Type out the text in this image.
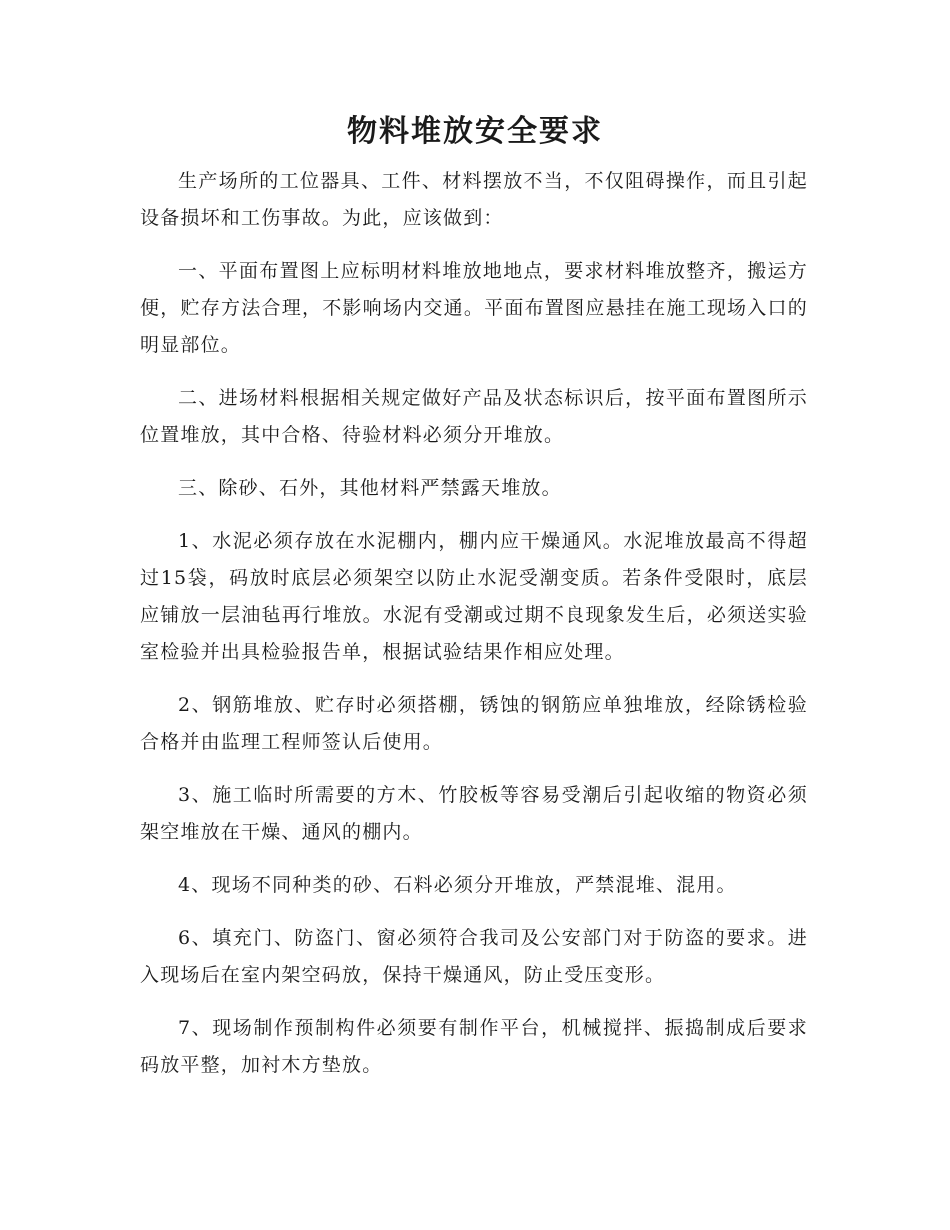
物料堆放安全要求

生产场所的工位器具、工件、材料摆放不当，不仅阻碍操作，而且引起设备损坏和工伤事故。为此，应该做到：

一、平面布置图上应标明材料堆放地地点，要求材料堆放整齐，搬运方便，贮存方法合理，不影响场内交通。平面布置图应悬挂在施工现场入口的明显部位。

二、进场材料根据相关规定做好产品及状态标识后，按平面布置图所示位置堆放，其中合格、待验材料必须分开堆放。

三、除砂、石外，其他材料严禁露天堆放。

1、水泥必须存放在水泥棚内，棚内应干燥通风。水泥堆放最高不得超过15袋，码放时底层必须架空以防止水泥受潮变质。若条件受限时，底层应铺放一层油毡再行堆放。水泥有受潮或过期不良现象发生后，必须送实验室检验并出具检验报告单，根据试验结果作相应处理。

2、钢筋堆放、贮存时必须搭棚，锈蚀的钢筋应单独堆放，经除锈检验合格并由监理工程师签认后使用。

3、施工临时所需要的方木、竹胶板等容易受潮后引起收缩的物资必须架空堆放在干燥、通风的棚内。

4、现场不同种类的砂、石料必须分开堆放，严禁混堆、混用。

6、填充门、防盗门、窗必须符合我司及公安部门对于防盗的要求。进入现场后在室内架空码放，保持干燥通风，防止受压变形。

7、现场制作预制构件必须要有制作平台，机械搅拌、振捣制成后要求码放平整，加衬木方垫放。
